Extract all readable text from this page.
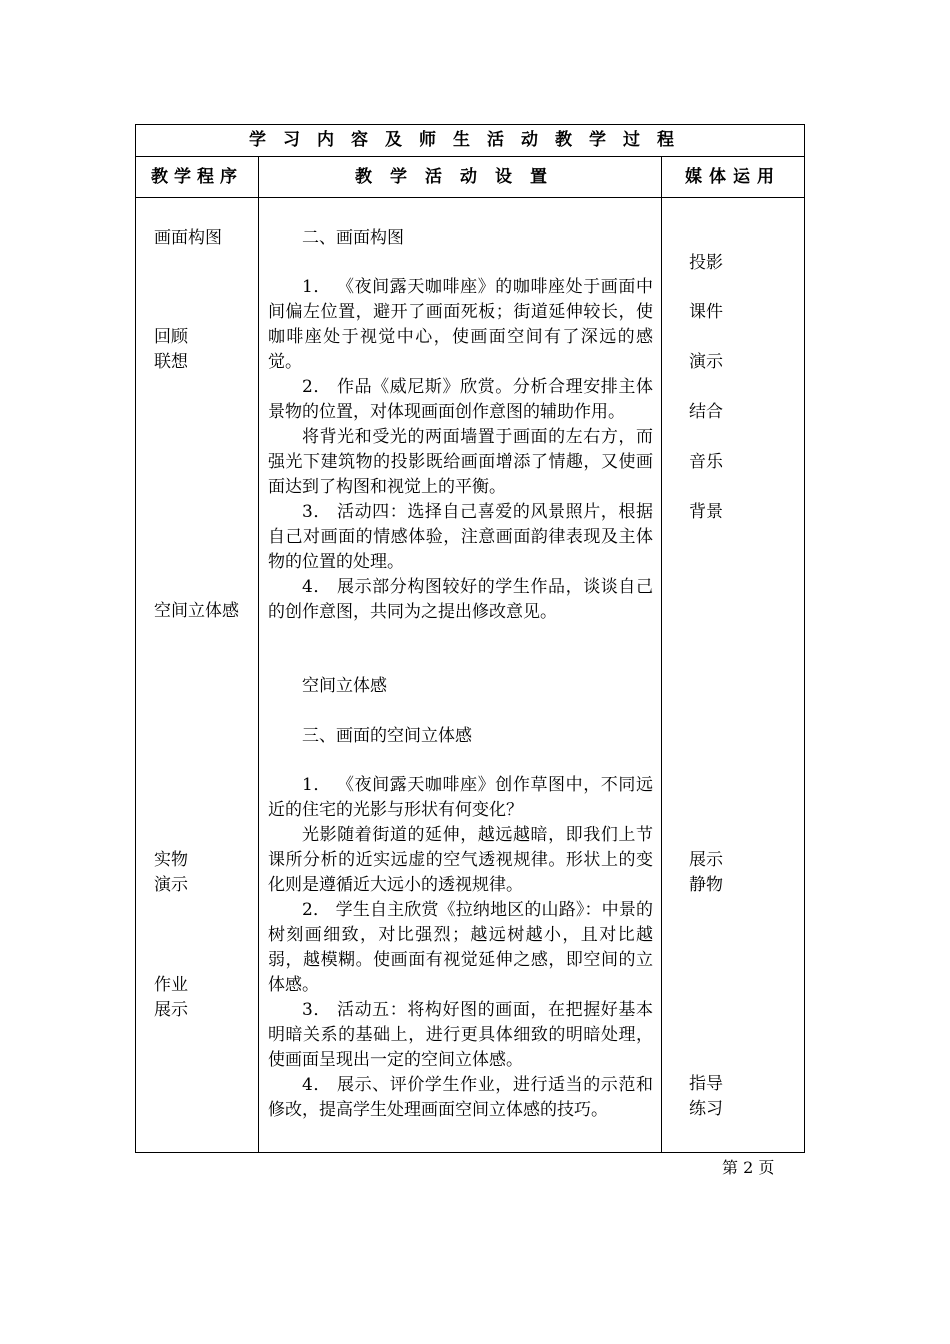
学习内容及师生活动教学过程
教学程序	教学活动设置	媒体运用
画面构图
回顾
联想
空间立体感
实物
演示
作业
展示
投影
课件
演示
结合
音乐
背景
展示
静物
指导
练习

二、画面构图

1． 《夜间露天咖啡座》的咖啡座处于画面中间偏左位置，避开了画面死板；街道延伸较长，使咖啡座处于视觉中心，使画面空间有了深远的感觉。

2． 作品《威尼斯》欣赏。分析合理安排主体景物的位置，对体现画面创作意图的辅助作用。

将背光和受光的两面墙置于画面的左右方，而强光下建筑物的投影既给画面增添了情趣，又使画面达到了构图和视觉上的平衡。

3． 活动四：选择自己喜爱的风景照片，根据自己对画面的情感体验，注意画面韵律表现及主体物的位置的处理。

4． 展示部分构图较好的学生作品，谈谈自己的创作意图，共同为之提出修改意见。

空间立体感

三、画面的空间立体感

1． 《夜间露天咖啡座》创作草图中，不同远近的住宅的光影与形状有何变化？

光影随着街道的延伸，越远越暗，即我们上节课所分析的近实远虚的空气透视规律。形状上的变化则是遵循近大远小的透视规律。

2． 学生自主欣赏《拉纳地区的山路》：中景的树刻画细致，对比强烈；越远树越小，且对比越弱，越模糊。使画面有视觉延伸之感，即空间的立体感。

3． 活动五：将构好图的画面，在把握好基本明暗关系的基础上，进行更具体细致的明暗处理，使画面呈现出一定的空间立体感。

4． 展示、评价学生作业，进行适当的示范和修改，提高学生处理画面空间立体感的技巧。

第 2 页
